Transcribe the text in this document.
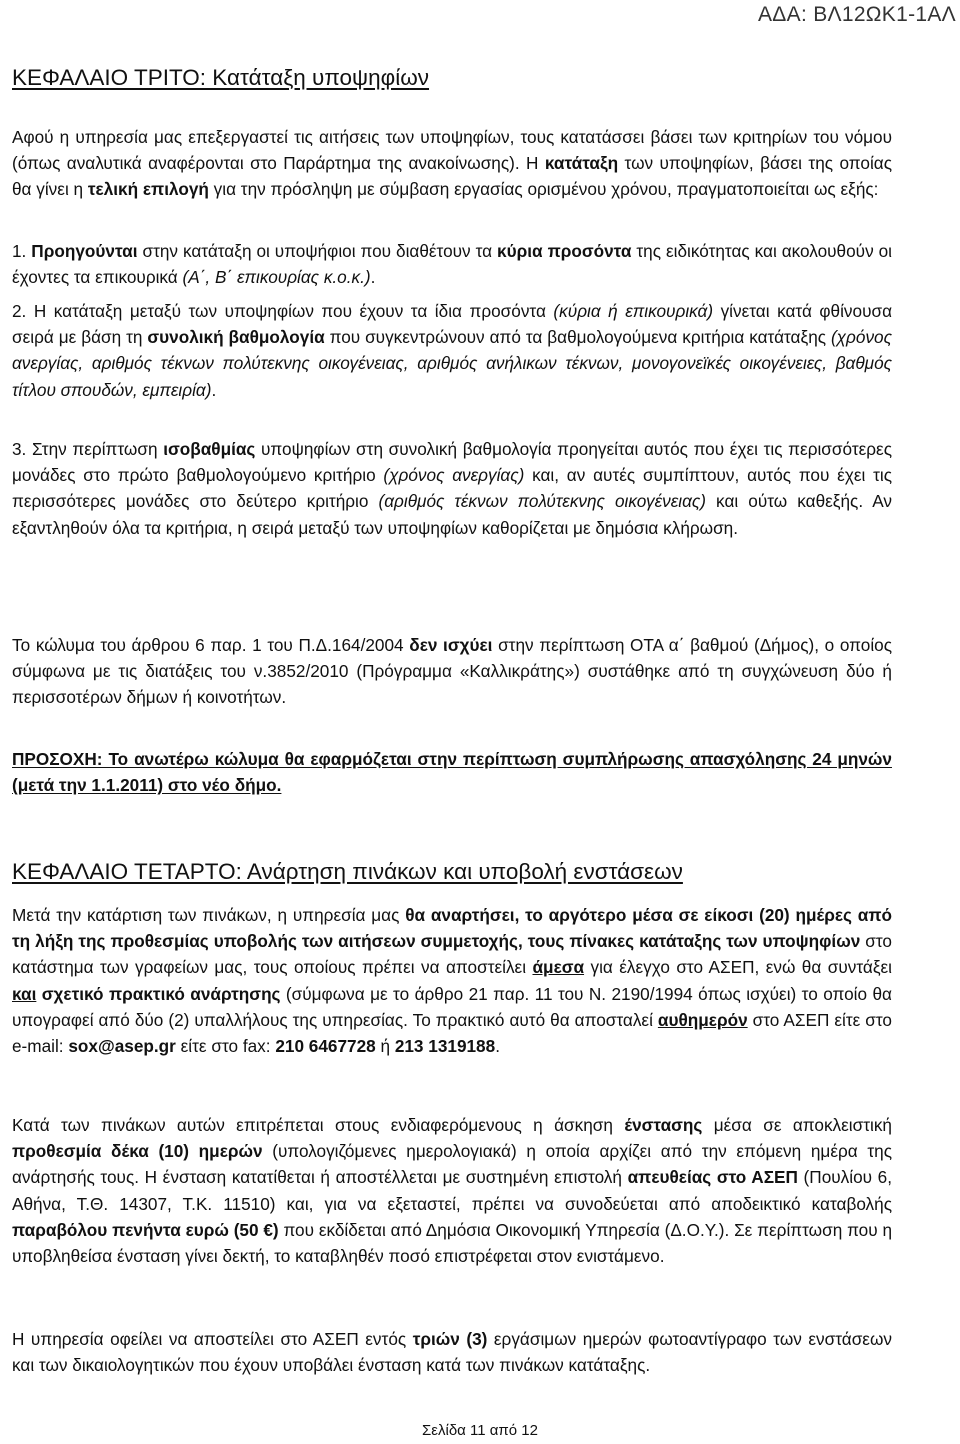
ΑΔΑ: ΒΛ12ΩΚ1-1ΑΛ
ΚΕΦΑΛΑΙΟ ΤΡΙΤΟ: Κατάταξη υποψηφίων

Αφού η υπηρεσία μας επεξεργαστεί τις αιτήσεις των υποψηφίων, τους κατατάσσει βάσει των κριτηρίων του νόμου (όπως αναλυτικά αναφέρονται στο Παράρτημα της ανακοίνωσης). Η κατάταξη των υποψηφίων, βάσει της οποίας θα γίνει η τελική επιλογή για την πρόσληψη με σύμβαση εργασίας ορισμένου χρόνου, πραγματοποιείται ως εξής:

1. Προηγούνται στην κατάταξη οι υποψήφιοι που διαθέτουν τα κύρια προσόντα της ειδικότητας και ακολουθούν οι έχοντες τα επικουρικά (Α΄, Β΄ επικουρίας κ.ο.κ.).

2. Η κατάταξη μεταξύ των υποψηφίων που έχουν τα ίδια προσόντα (κύρια ή επικουρικά) γίνεται κατά φθίνουσα σειρά με βάση τη συνολική βαθμολογία που συγκεντρώνουν από τα βαθμολογούμενα κριτήρια κατάταξης (χρόνος ανεργίας, αριθμός τέκνων πολύτεκνης οικογένειας, αριθμός ανήλικων τέκνων, μονογονεϊκές οικογένειες, βαθμός τίτλου σπουδών, εμπειρία).

3. Στην περίπτωση ισοβαθμίας υποψηφίων στη συνολική βαθμολογία προηγείται αυτός που έχει τις περισσότερες μονάδες στο πρώτο βαθμολογούμενο κριτήριο (χρόνος ανεργίας) και, αν αυτές συμπίπτουν, αυτός που έχει τις περισσότερες μονάδες στο δεύτερο κριτήριο (αριθμός τέκνων πολύτεκνης οικογένειας) και ούτω καθεξής. Αν εξαντληθούν όλα τα κριτήρια, η σειρά μεταξύ των υποψηφίων καθορίζεται με δημόσια κλήρωση.

Το κώλυμα του άρθρου 6 παρ. 1 του Π.Δ.164/2004 δεν ισχύει στην περίπτωση ΟΤΑ α΄ βαθμού (Δήμος), ο οποίος σύμφωνα με τις διατάξεις του ν.3852/2010 (Πρόγραμμα «Καλλικράτης») συστάθηκε από τη συγχώνευση δύο ή περισσοτέρων δήμων ή κοινοτήτων.

ΠΡΟΣΟΧΗ: Το ανωτέρω κώλυμα θα εφαρμόζεται στην περίπτωση συμπλήρωσης απασχόλησης 24 μηνών (μετά την 1.1.2011) στο νέο δήμο.

ΚΕΦΑΛΑΙΟ ΤΕΤΑΡΤΟ: Ανάρτηση πινάκων και υποβολή ενστάσεων

Μετά την κατάρτιση των πινάκων, η υπηρεσία μας θα αναρτήσει, το αργότερο μέσα σε είκοσι (20) ημέρες από τη λήξη της προθεσμίας υποβολής των αιτήσεων συμμετοχής, τους πίνακες κατάταξης των υποψηφίων στο κατάστημα των γραφείων μας, τους οποίους πρέπει να αποστείλει άμεσα για έλεγχο στο ΑΣΕΠ, ενώ θα συντάξει και σχετικό πρακτικό ανάρτησης (σύμφωνα με το άρθρο 21 παρ. 11 του Ν. 2190/1994 όπως ισχύει) το οποίο θα υπογραφεί από δύο (2) υπαλλήλους της υπηρεσίας. Το πρακτικό αυτό θα αποσταλεί αυθημερόν στο ΑΣΕΠ είτε στο e-mail: sox@asep.gr είτε στο fax: 210 6467728 ή 213 1319188.

Κατά των πινάκων αυτών επιτρέπεται στους ενδιαφερόμενους η άσκηση ένστασης μέσα σε αποκλειστική προθεσμία δέκα (10) ημερών (υπολογιζόμενες ημερολογιακά) η οποία αρχίζει από την επόμενη ημέρα της ανάρτησής τους. Η ένσταση κατατίθεται ή αποστέλλεται με συστημένη επιστολή απευθείας στο ΑΣΕΠ (Πουλίου 6, Αθήνα, Τ.Θ. 14307, Τ.Κ. 11510) και, για να εξεταστεί, πρέπει να συνοδεύεται από αποδεικτικό καταβολής παραβόλου πενήντα ευρώ (50 €) που εκδίδεται από Δημόσια Οικονομική Υπηρεσία (Δ.Ο.Υ.). Σε περίπτωση που η υποβληθείσα ένσταση γίνει δεκτή, το καταβληθέν ποσό επιστρέφεται στον ενιστάμενο.

Η υπηρεσία οφείλει να αποστείλει στο ΑΣΕΠ εντός τριών (3) εργάσιμων ημερών φωτοαντίγραφο των ενστάσεων και των δικαιολογητικών που έχουν υποβάλει ένσταση κατά των πινάκων κατάταξης.

Σελίδα 11 από 12
